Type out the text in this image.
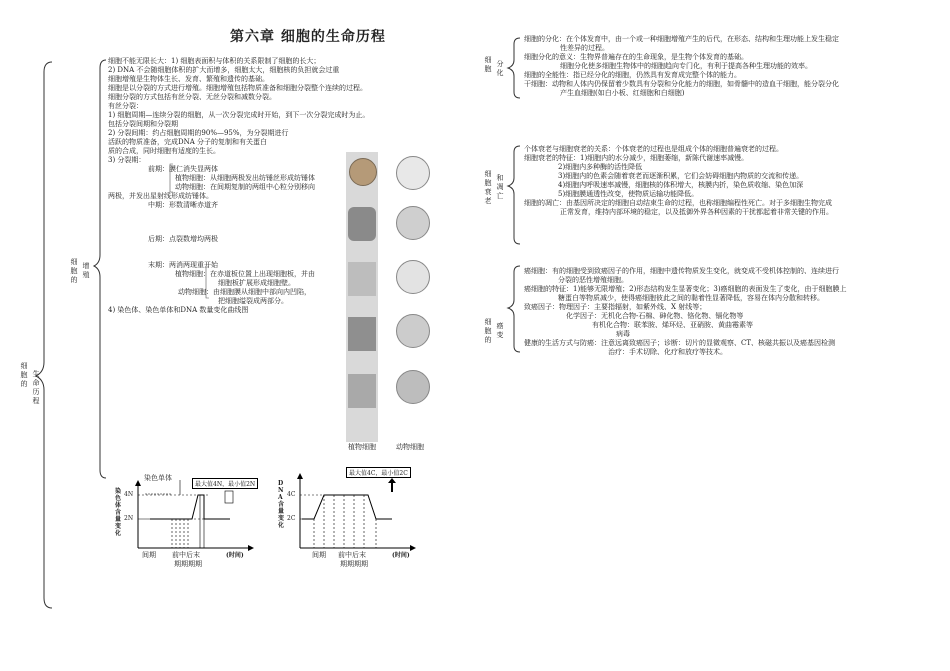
第六章 细胞的生命历程
细
胞
的
生
命
历
程
细
胞
的
增
殖
细胞不能无限长大：1) 细胞表面积与体积的关系限制了细胞的长大；
2) DNA 不会随细胞体积的扩大而增多，细胞太大，细胞核的负担就会过重
细胞增殖是生物体生长、发育、繁殖和遗传的基础。
细胞是以分裂的方式进行增殖。细胞增殖包括物质准备和细胞分裂整个连续的过程。
细胞分裂的方式包括有丝分裂、无丝分裂和减数分裂。
有丝分裂：
1) 细胞周期—连续分裂的细胞，从一次分裂完成时开始，到下一次分裂完成时为止。
包括分裂间期和分裂期
2) 分裂间期：约占细胞周期的90%—95%，为分裂期进行
活跃的物质准备，完成DNA 分子的复制和有关蛋白
质的合成，同时细胞有适度的生长。
3) 分裂期：
前期：膜仁消失显两体
植物细胞：从细胞两极发出纺锤丝形成纺锤体
动物细胞：在间期复制的两组中心粒分别移向
两极，并发出星射线形成纺锤体。
中期：形数清晰赤道齐
后期：点裂数增均两极
末期：两消两现重开始
植物细胞：在赤道板位置上出现细胞板，并由
细胞板扩展形成细胞壁。
动物细胞：由细胞膜从细胞中部向内凹陷，
把细胞缢裂成两部分。
4) 染色体、染色单体和DNA 数量变化曲线图
植物细胞	动物细胞
染色单体
最大值4N，最小值2N
染
色
体
含
量
变
化
4N
2N
间期 前中后末
期期期期
(时间)
最大值4C，最小值2C
D
N
A
含
量
变
化
4C
2C
间期 前中后末
期期期期
(时间)
细
胞
分
化
细胞的分化：在个体发育中，由一个或一种细胞增殖产生的后代，在形态、结构和生理功能上发生稳定
性差异的过程。
细胞分化的意义：生物界普遍存在的生命现象，是生物个体发育的基础。
细胞分化使多细胞生物体中的细胞趋向专门化，有利于提高各种生理功能的效率。
细胞的全能性：指已经分化的细胞，仍然具有发育成完整个体的能力。
干细胞：动物和人体内仍保留着少数具有分裂和分化能力的细胞，如骨髓中的造血干细胞，能分裂分化
产生血细胞(如白小板、红细胞和白细胞)
细
胞
衰
老
和
凋
亡
个体衰老与细胞衰老的关系：个体衰老的过程也是组成个体的细胞普遍衰老的过程。
细胞衰老的特征：1)细胞内的水分减少，细胞萎缩，新陈代谢速率减慢。
2)细胞内多种酶的活性降低
3)细胞内的色素会随着衰老而逐渐积累，它们会妨碍细胞内物质的交流和传递。
4)细胞内呼吸速率减慢，细胞核的体积增大，核膜内折，染色质收缩、染色加深
5)细胞膜通透性改变，使物质运输功能降低。
细胞的凋亡：由基因所决定的细胞自动结束生命的过程，也称细胞编程性死亡。对于多细胞生物完成
正常发育，维持内部环境的稳定，以及抵御外界各种因素的干扰都起着非常关键的作用。
细
胞
的
癌
变
癌细胞：有的细胞受到致癌因子的作用，细胞中遗传物质发生变化，就变成不受机体控制的、连续进行
分裂的恶性增殖细胞。
癌细胞的特征：1)能够无限增殖；2)形态结构发生显著变化；3)癌细胞的表面发生了变化，由于细胞膜上
糖蛋白等物质减少，使得癌细胞彼此之间的黏着性显著降低，容易在体内分散和转移。
致癌因子：物理因子：主要指辐射，如紫外线、X 射线等；
化学因子：无机化合物-石棉、砷化物、铬化物、镉化物等
有机化合物：联苯胺、烯环烃、亚硝胺、黄曲霉素等
病毒
健康的生活方式与防癌：注意远离致癌因子；诊断：切片的显微观察、CT、核磁共振以及癌基因检测
治疗：手术切除、化疗和放疗等技术。
